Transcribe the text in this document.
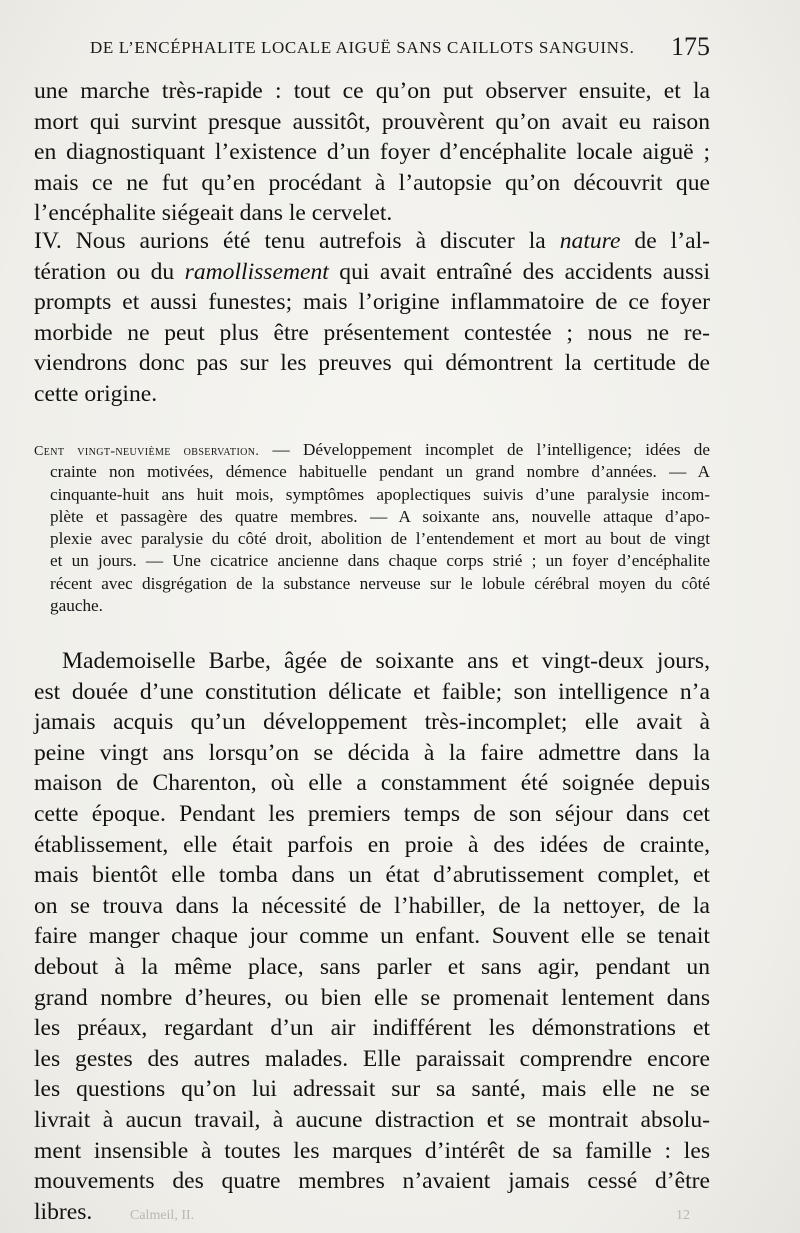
DE L’ENCÉPHALITE LOCALE AIGUË SANS CAILLOTS SANGUINS. 175
une marche très-rapide : tout ce qu’on put observer ensuite, et la
mort qui survint presque aussitôt, prouvèrent qu’on avait eu raison
en diagnostiquant l’existence d’un foyer d’encéphalite locale aiguë ;
mais ce ne fut qu’en procédant à l’autopsie qu’on découvrit que
l’encéphalite siégeait dans le cervelet.
IV. Nous aurions été tenu autrefois à discuter la nature de l’al-
tération ou du ramollissement qui avait entraîné des accidents aussi
prompts et aussi funestes; mais l’origine inflammatoire de ce foyer
morbide ne peut plus être présentement contestée ; nous ne re-
viendrons donc pas sur les preuves qui démontrent la certitude de
cette origine.
Cent vingt-neuvième observation. — Développement incomplet de l’intelligence; idées de
crainte non motivées, démence habituelle pendant un grand nombre d’années. — A
cinquante-huit ans huit mois, symptômes apoplectiques suivis d’une paralysie incom-
plète et passagère des quatre membres. — A soixante ans, nouvelle attaque d’apo-
plexie avec paralysie du côté droit, abolition de l’entendement et mort au bout de vingt
et un jours. — Une cicatrice ancienne dans chaque corps strié ; un foyer d’encéphalite
récent avec disgrégation de la substance nerveuse sur le lobule cérébral moyen du côté
gauche.
Mademoiselle Barbe, âgée de soixante ans et vingt-deux jours,
est douée d’une constitution délicate et faible; son intelligence n’a
jamais acquis qu’un développement très-incomplet; elle avait à
peine vingt ans lorsqu’on se décida à la faire admettre dans la
maison de Charenton, où elle a constamment été soignée depuis
cette époque. Pendant les premiers temps de son séjour dans cet
établissement, elle était parfois en proie à des idées de crainte,
mais bientôt elle tomba dans un état d’abrutissement complet, et
on se trouva dans la nécessité de l’habiller, de la nettoyer, de la
faire manger chaque jour comme un enfant. Souvent elle se tenait
debout à la même place, sans parler et sans agir, pendant un
grand nombre d’heures, ou bien elle se promenait lentement dans
les préaux, regardant d’un air indifférent les démonstrations et
les gestes des autres malades. Elle paraissait comprendre encore
les questions qu’on lui adressait sur sa santé, mais elle ne se
livrait à aucun travail, à aucune distraction et se montrait absolu-
ment insensible à toutes les marques d’intérêt de sa famille : les
mouvements des quatre membres n’avaient jamais cessé d’être
libres.	Calmeil, II.	12
